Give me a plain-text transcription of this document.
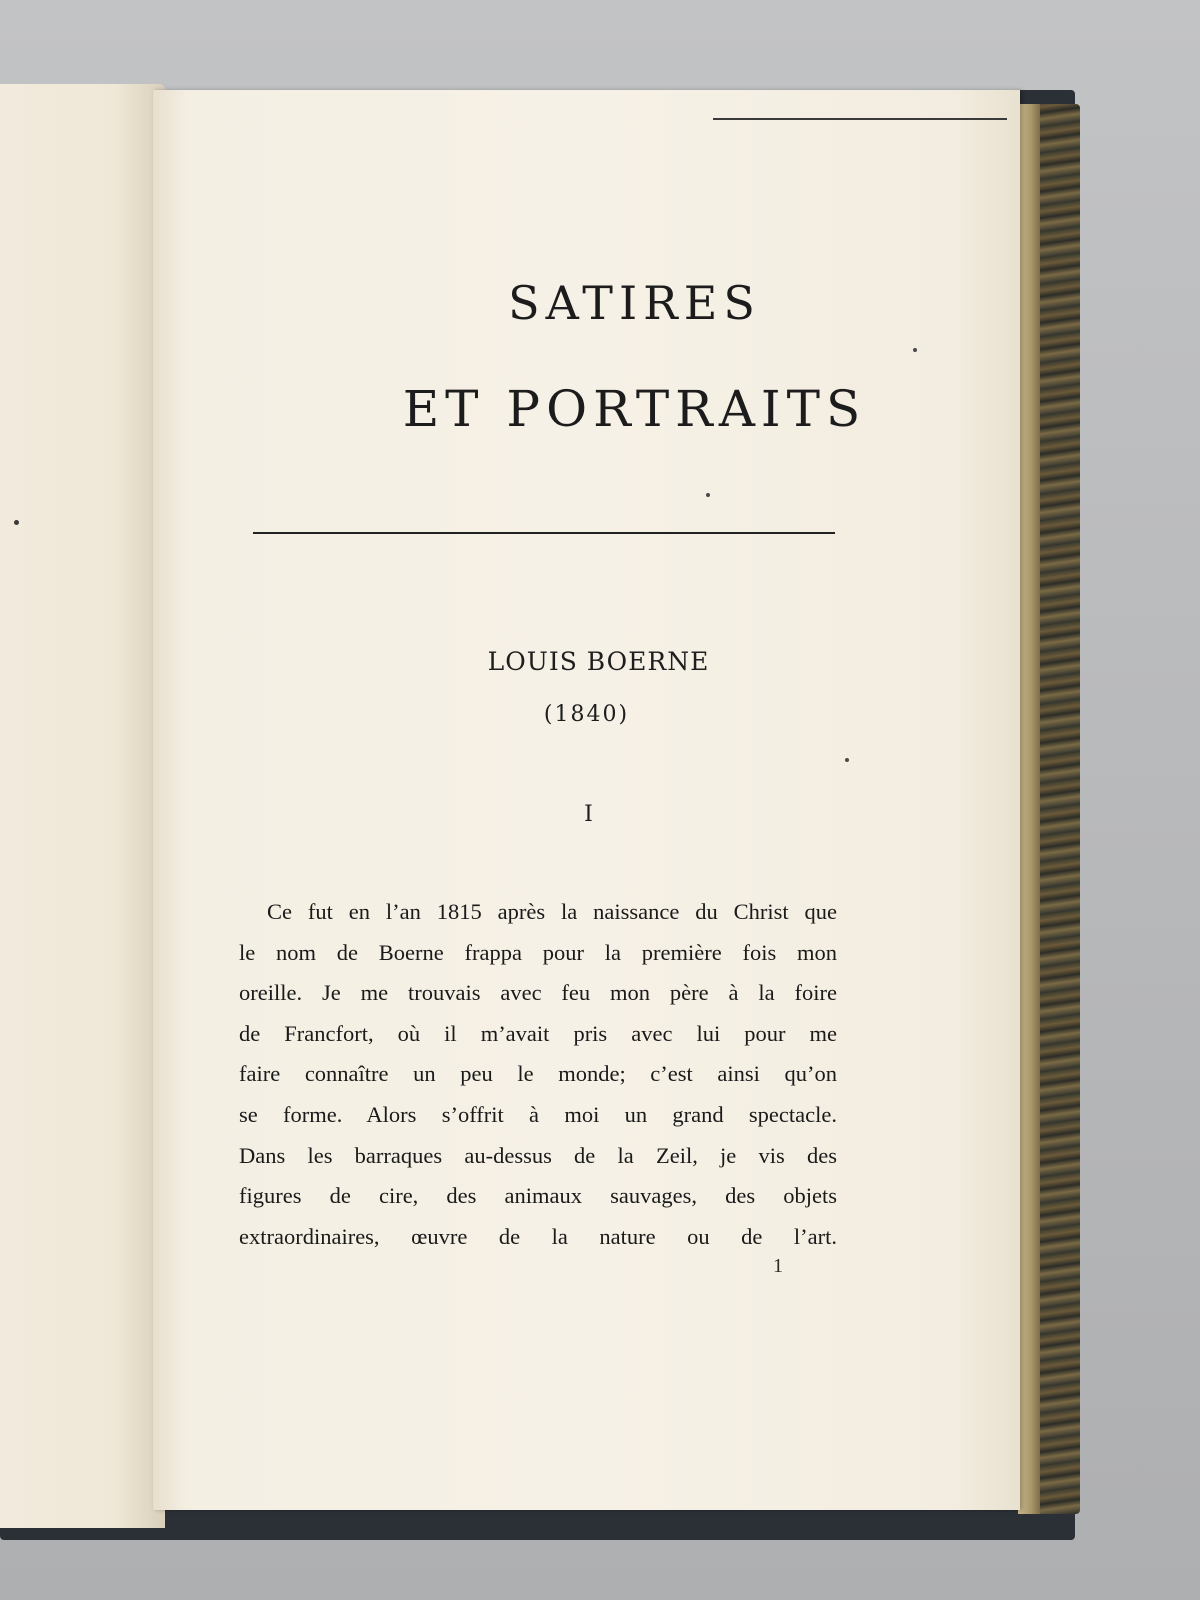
SATIRES
ET PORTRAITS
LOUIS BOERNE
(1840)
I
Ce fut en l’an 1815 après la naissance du Christ que
le nom de Boerne frappa pour la première fois mon
oreille. Je me trouvais avec feu mon père à la foire
de Francfort, où il m’avait pris avec lui pour me
faire connaître un peu le monde; c’est ainsi qu’on
se forme. Alors s’offrit à moi un grand spectacle.
Dans les barraques au-dessus de la Zeil, je vis des
figures de cire, des animaux sauvages, des objets
extraordinaires, œuvre de la nature ou de l’art.
1
